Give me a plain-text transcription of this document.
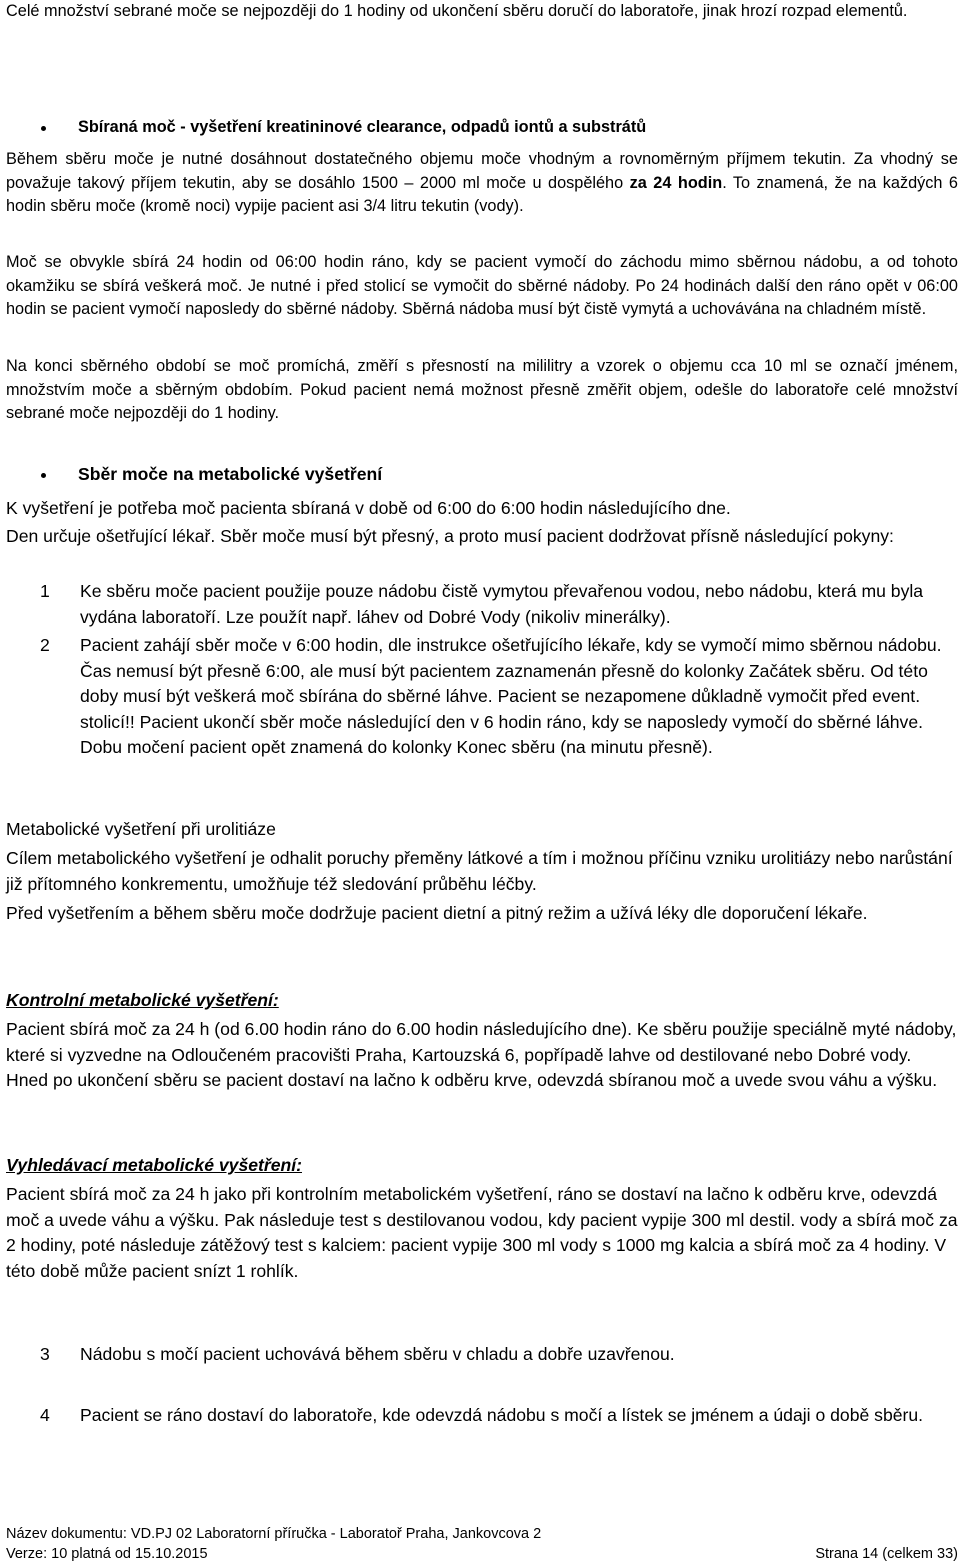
Celé množství sebrané moče se nejpozději do 1 hodiny od ukončení sběru doručí do laboratoře, jinak hrozí rozpad elementů.

Sbíraná moč - vyšetření kreatininové clearance, odpadů iontů a substrátů

Během sběru moče je nutné dosáhnout dostatečného objemu moče vhodným a rovnoměrným příjmem tekutin. Za vhodný se považuje takový příjem tekutin, aby se dosáhlo 1500 – 2000 ml moče u dospělého za 24 hodin. To znamená, že na každých 6 hodin sběru moče (kromě noci) vypije pacient asi 3/4 litru tekutin (vody).

Moč se obvykle sbírá 24 hodin od 06:00 hodin ráno, kdy se pacient vymočí do záchodu mimo sběrnou nádobu, a od tohoto okamžiku se sbírá veškerá moč. Je nutné i před stolicí se vymočit do sběrné nádoby. Po 24 hodinách další den ráno opět v 06:00 hodin se pacient vymočí naposledy do sběrné nádoby. Sběrná nádoba musí být čistě vymytá a uchovávána na chladném místě.

Na konci sběrného období se moč promíchá, změří s přesností na mililitry a vzorek o objemu cca 10 ml se označí jménem, množstvím moče a sběrným obdobím. Pokud pacient nemá možnost přesně změřit objem, odešle do laboratoře celé množství sebrané moče nejpozději do 1 hodiny.

Sběr moče na metabolické vyšetření

K vyšetření je potřeba moč pacienta sbíraná v době od 6:00 do 6:00 hodin následujícího dne.

Den určuje ošetřující lékař. Sběr moče musí být přesný, a proto musí pacient dodržovat přísně následující pokyny:

1 Ke sběru moče pacient použije pouze nádobu čistě vymytou převařenou vodou, nebo nádobu, která mu byla vydána laboratoří. Lze použít např. láhev od Dobré Vody (nikoliv minerálky).

2 Pacient zahájí sběr moče v 6:00 hodin, dle instrukce ošetřujícího lékaře, kdy se vymočí mimo sběrnou nádobu. Čas nemusí být přesně 6:00, ale musí být pacientem zaznamenán přesně do kolonky Začátek sběru. Od této doby musí být veškerá moč sbírána do sběrné láhve. Pacient se nezapomene důkladně vymočit před event. stolicí!! Pacient ukončí sběr moče následující den v 6 hodin ráno, kdy se naposledy vymočí do sběrné láhve. Dobu močení pacient opět znamená do kolonky Konec sběru (na minutu přesně).

Metabolické vyšetření při urolitiáze

Cílem metabolického vyšetření je odhalit poruchy přeměny látkové a tím i možnou příčinu vzniku urolitiázy nebo narůstání již přítomného konkrementu, umožňuje též sledování průběhu léčby.

Před vyšetřením a během sběru moče dodržuje pacient dietní a pitný režim a užívá léky dle doporučení lékaře.

Kontrolní metabolické vyšetření:

Pacient sbírá moč za 24 h (od 6.00 hodin ráno do 6.00 hodin následujícího dne). Ke sběru použije speciálně myté nádoby, které si vyzvedne na Odloučeném pracovišti Praha, Kartouzská 6, popřípadě lahve od destilované nebo Dobré vody. Hned po ukončení sběru se pacient dostaví na lačno k odběru krve, odevzdá sbíranou moč a uvede svou váhu a výšku.

Vyhledávací metabolické vyšetření:

Pacient sbírá moč za 24 h jako při kontrolním metabolickém vyšetření, ráno se dostaví na lačno k odběru krve, odevzdá moč a uvede váhu a výšku. Pak následuje test s destilovanou vodou, kdy pacient vypije 300 ml destil. vody a sbírá moč za 2 hodiny, poté následuje zátěžový test s kalciem: pacient vypije 300 ml vody s 1000 mg kalcia a sbírá moč za 4 hodiny. V této době může pacient snízt 1 rohlík.

3 Nádobu s močí pacient uchovává během sběru v chladu a dobře uzavřenou.

4 Pacient se ráno dostaví do laboratoře, kde odevzdá nádobu s močí a lístek se jménem a údaji o době sběru.

Název dokumentu: VD.PJ 02 Laboratorní příručka - Laboratoř Praha, Jankovcova 2
Verze: 10 platná od 15.10.2015	Strana 14 (celkem 33)
